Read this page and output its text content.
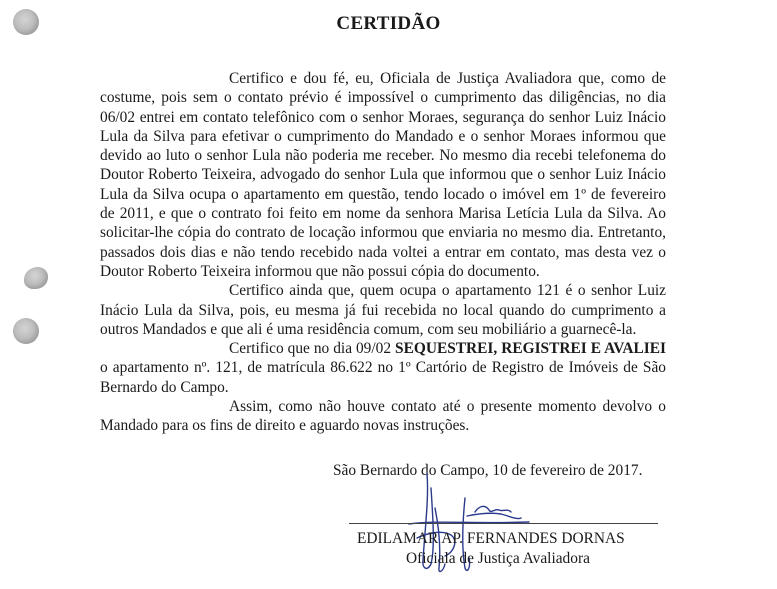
CERTIDÃO

Certifico e dou fé, eu, Oficiala de Justiça Avaliadora que, como de costume, pois sem o contato prévio é impossível o cumprimento das diligências, no dia 06/02 entrei em contato telefônico com o senhor Moraes, segurança do senhor Luiz Inácio Lula da Silva para efetivar o cumprimento do Mandado e o senhor Moraes informou que devido ao luto o senhor Lula não poderia me receber. No mesmo dia recebi telefonema do Doutor Roberto Teixeira, advogado do senhor Lula que informou que o senhor Luiz Inácio Lula da Silva ocupa o apartamento em questão, tendo locado o imóvel em 1º de fevereiro de 2011, e que o contrato foi feito em nome da senhora Marisa Letícia Lula da Silva. Ao solicitar-lhe cópia do contrato de locação informou que enviaria no mesmo dia. Entretanto, passados dois dias e não tendo recebido nada voltei a entrar em contato, mas desta vez o Doutor Roberto Teixeira informou que não possui cópia do documento.

Certifico ainda que, quem ocupa o apartamento 121 é o senhor Luiz Inácio Lula da Silva, pois, eu mesma já fui recebida no local quando do cumprimento a outros Mandados e que ali é uma residência comum, com seu mobiliário a guarnecê-la.

Certifico que no dia 09/02 SEQUESTREI, REGISTREI E AVALIEI o apartamento nº. 121, de matrícula 86.622 no 1º Cartório de Registro de Imóveis de São Bernardo do Campo.

Assim, como não houve contato até o presente momento devolvo o Mandado para os fins de direito e aguardo novas instruções.

São Bernardo do Campo, 10 de fevereiro de 2017.
EDILAMAR AP. FERNANDES DORNAS
Oficiala de Justiça Avaliadora
